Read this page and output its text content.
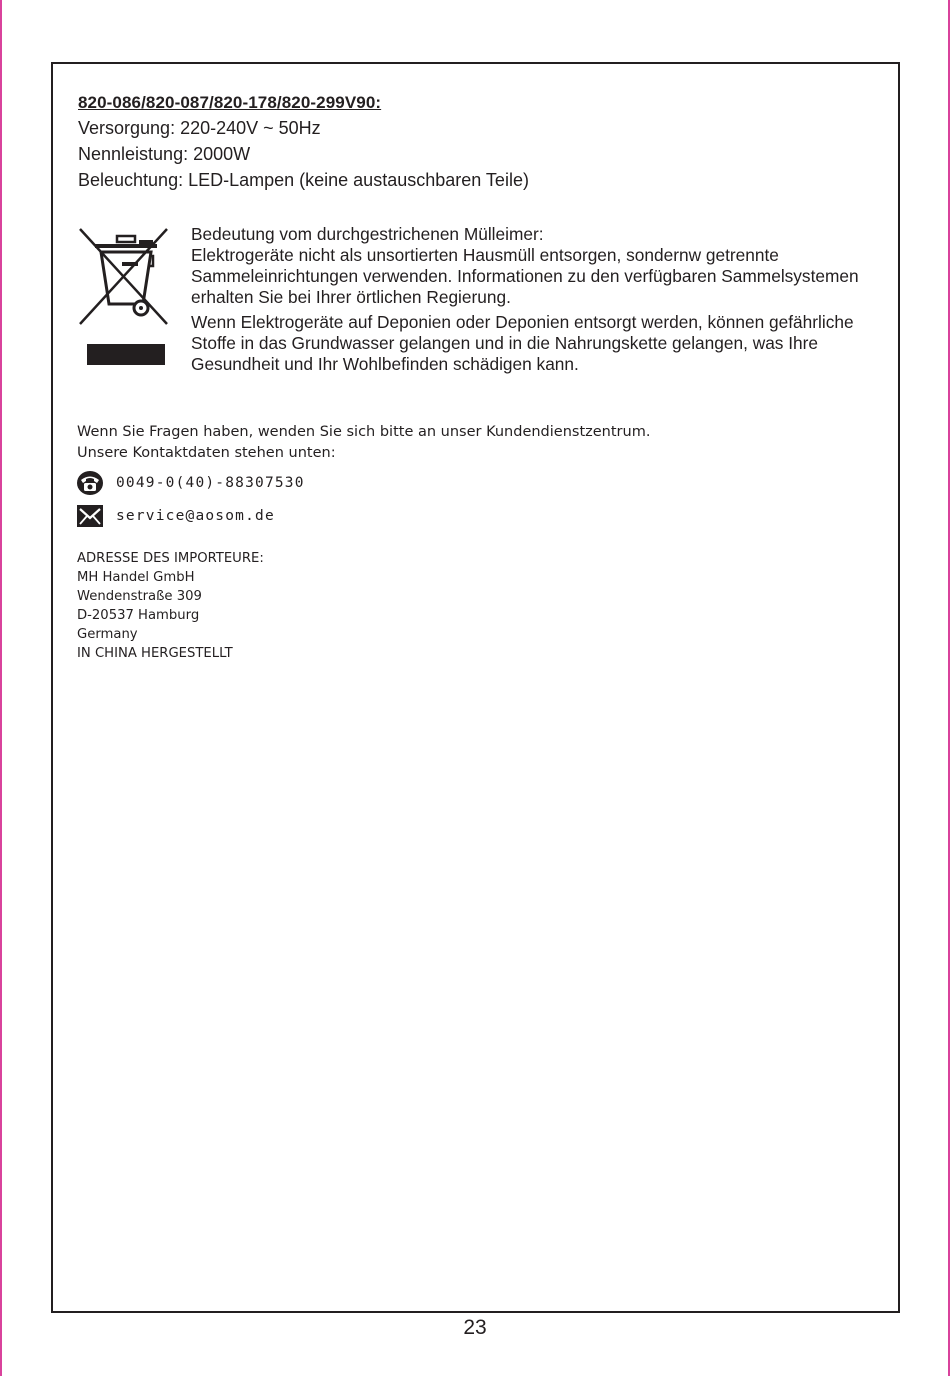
820-086/820-087/820-178/820-299V90:
Versorgung: 220-240V ~ 50Hz
Nennleistung: 2000W
Beleuchtung: LED-Lampen (keine austauschbaren Teile)

Bedeutung vom durchgestrichenen Mülleimer:

Elektrogeräte nicht als unsortierten Hausmüll entsorgen, sondernw getrennte Sammeleinrichtungen verwenden. Informationen zu den verfügbaren Sammelsystemen erhalten Sie bei Ihrer örtlichen Regierung.

Wenn Elektrogeräte auf Deponien oder Deponien entsorgt werden, können gefährliche Stoffe in das Grundwasser gelangen und in die Nahrungskette gelangen, was Ihre Gesundheit und Ihr Wohlbefinden schädigen kann.

Wenn Sie Fragen haben, wenden Sie sich bitte an unser Kundendienstzentrum.
Unsere Kontaktdaten stehen unten:
0049-0(40)-88307530
service@aosom.de
ADRESSE DES IMPORTEURE:
MH Handel GmbH
Wendenstraße 309
D-20537 Hamburg
Germany
IN CHINA HERGESTELLT
23
